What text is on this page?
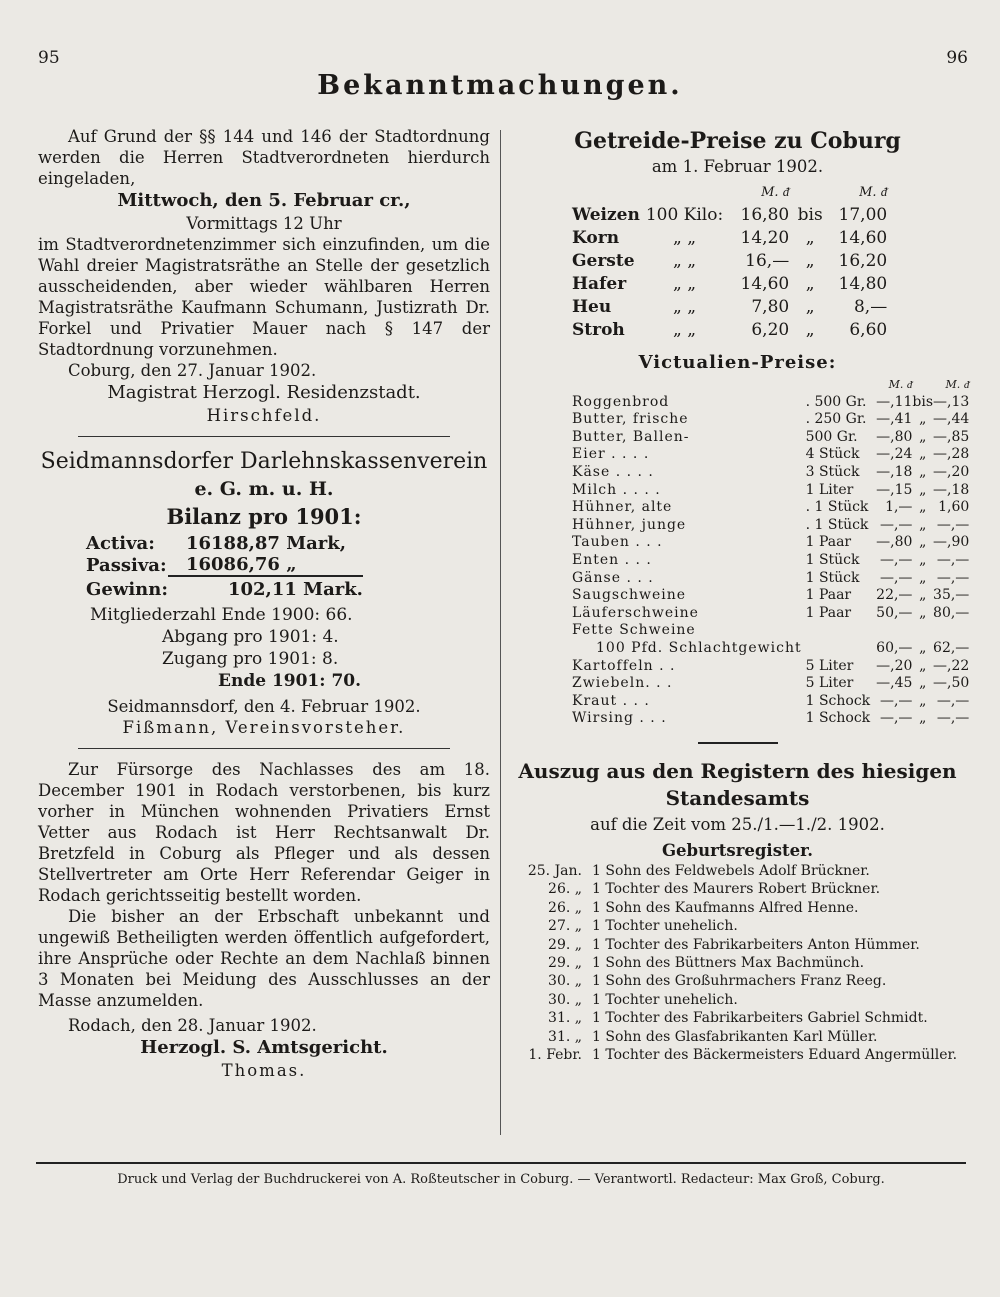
95	96
Bekanntmachungen.

Auf Grund der §§ 144 und 146 der Stadtordnung werden die Herren Stadtverordneten hierdurch eingeladen,

Mittwoch, den 5. Februar cr.,

Vormittags 12 Uhr

im Stadtverordnetenzimmer sich einzufinden, um die Wahl dreier Magistratsräthe an Stelle der gesetzlich ausscheidenden, aber wieder wählbaren Herren Magistratsräthe Kaufmann Schumann, Justizrath Dr. Forkel und Privatier Mauer nach § 147 der Stadtordnung vorzunehmen.

Coburg, den 27. Januar 1902.

Magistrat Herzogl. Residenzstadt.

Hirschfeld.

Seidmannsdorfer Darlehnskassenverein

e. G. m. u. H.

Bilanz pro 1901:

Activa:	16188,87 Mark,
Passiva:	16086,76 „
Gewinn:	102,11 Mark.

Mitgliederzahl Ende 1900: 66.

Abgang pro 1901: 4.

Zugang pro 1901: 8.

Ende 1901: 70.

Seidmannsdorf, den 4. Februar 1902.

Fißmann, Vereinsvorsteher.

Zur Fürsorge des Nachlasses des am 18. December 1901 in Rodach verstorbenen, bis kurz vorher in München wohnenden Privatiers Ernst Vetter aus Rodach ist Herr Rechtsanwalt Dr. Bretzfeld in Coburg als Pfleger und als dessen Stellvertreter am Orte Herr Referendar Geiger in Rodach gerichtsseitig bestellt worden.

Die bisher an der Erbschaft unbekannt und ungewiß Betheiligten werden öffentlich aufgefordert, ihre Ansprüche oder Rechte an dem Nachlaß binnen 3 Monaten bei Meidung des Ausschlusses an der Masse anzumelden.

Rodach, den 28. Januar 1902.

Herzogl. S. Amtsgericht.

Thomas.

Getreide-Preise zu Coburg

am 1. Februar 1902.

		M. ᵭ		M. ᵭ
Weizen	100 Kilo:	16,80	bis	17,00
Korn	„ „	14,20	„	14,60
Gerste	„ „	16,—	„	16,20
Hafer	„ „	14,60	„	14,80
Heu	„ „	7,80	„	8,—
Stroh	„ „	6,20	„	6,60

Victualien-Preise:

		M. ᵭ		M. ᵭ
Roggenbrod	. 500 Gr.	—,11	bis	—,13
Butter, frische	. 250 Gr.	—,41	„	—,44
Butter, Ballen-	500 Gr.	—,80	„	—,85
Eier . . . .	4 Stück	—,24	„	—,28
Käse . . . .	3 Stück	—,18	„	—,20
Milch . . . .	1 Liter	—,15	„	—,18
Hühner, alte	. 1 Stück	1,—	„	1,60
Hühner, junge	. 1 Stück	—,—	„	—,—
Tauben . . .	1 Paar	—,80	„	—,90
Enten . . .	1 Stück	—,—	„	—,—
Gänse . . .	1 Stück	—,—	„	—,—
Saugschweine	1 Paar	22,—	„	35,—
Läuferschweine	1 Paar	50,—	„	80,—
Fette Schweine				
100 Pfd. Schlachtgewicht		60,—	„	62,—
Kartoffeln . .	5 Liter	—,20	„	—,22
Zwiebeln. . .	5 Liter	—,45	„	—,50
Kraut . . .	1 Schock	—,—	„	—,—
Wirsing . . .	1 Schock	—,—	„	—,—

Auszug aus den Registern des hiesigen

Standesamts

auf die Zeit vom 25./1.—1./2. 1902.

Geburtsregister.

25. Jan.	1 Sohn des Feldwebels Adolf Brückner.
26. „	1 Tochter des Maurers Robert Brückner.
26. „	1 Sohn des Kaufmanns Alfred Henne.
27. „	1 Tochter unehelich.
29. „	1 Tochter des Fabrikarbeiters Anton Hümmer.
29. „	1 Sohn des Büttners Max Bachmünch.
30. „	1 Sohn des Großuhrmachers Franz Reeg.
30. „	1 Tochter unehelich.
31. „	1 Tochter des Fabrikarbeiters Gabriel Schmidt.
31. „	1 Sohn des Glasfabrikanten Karl Müller.
1. Febr.	1 Tochter des Bäckermeisters Eduard Angermüller.
Druck und Verlag der Buchdruckerei von A. Roßteutscher in Coburg. — Verantwortl. Redacteur: Max Groß, Coburg.
